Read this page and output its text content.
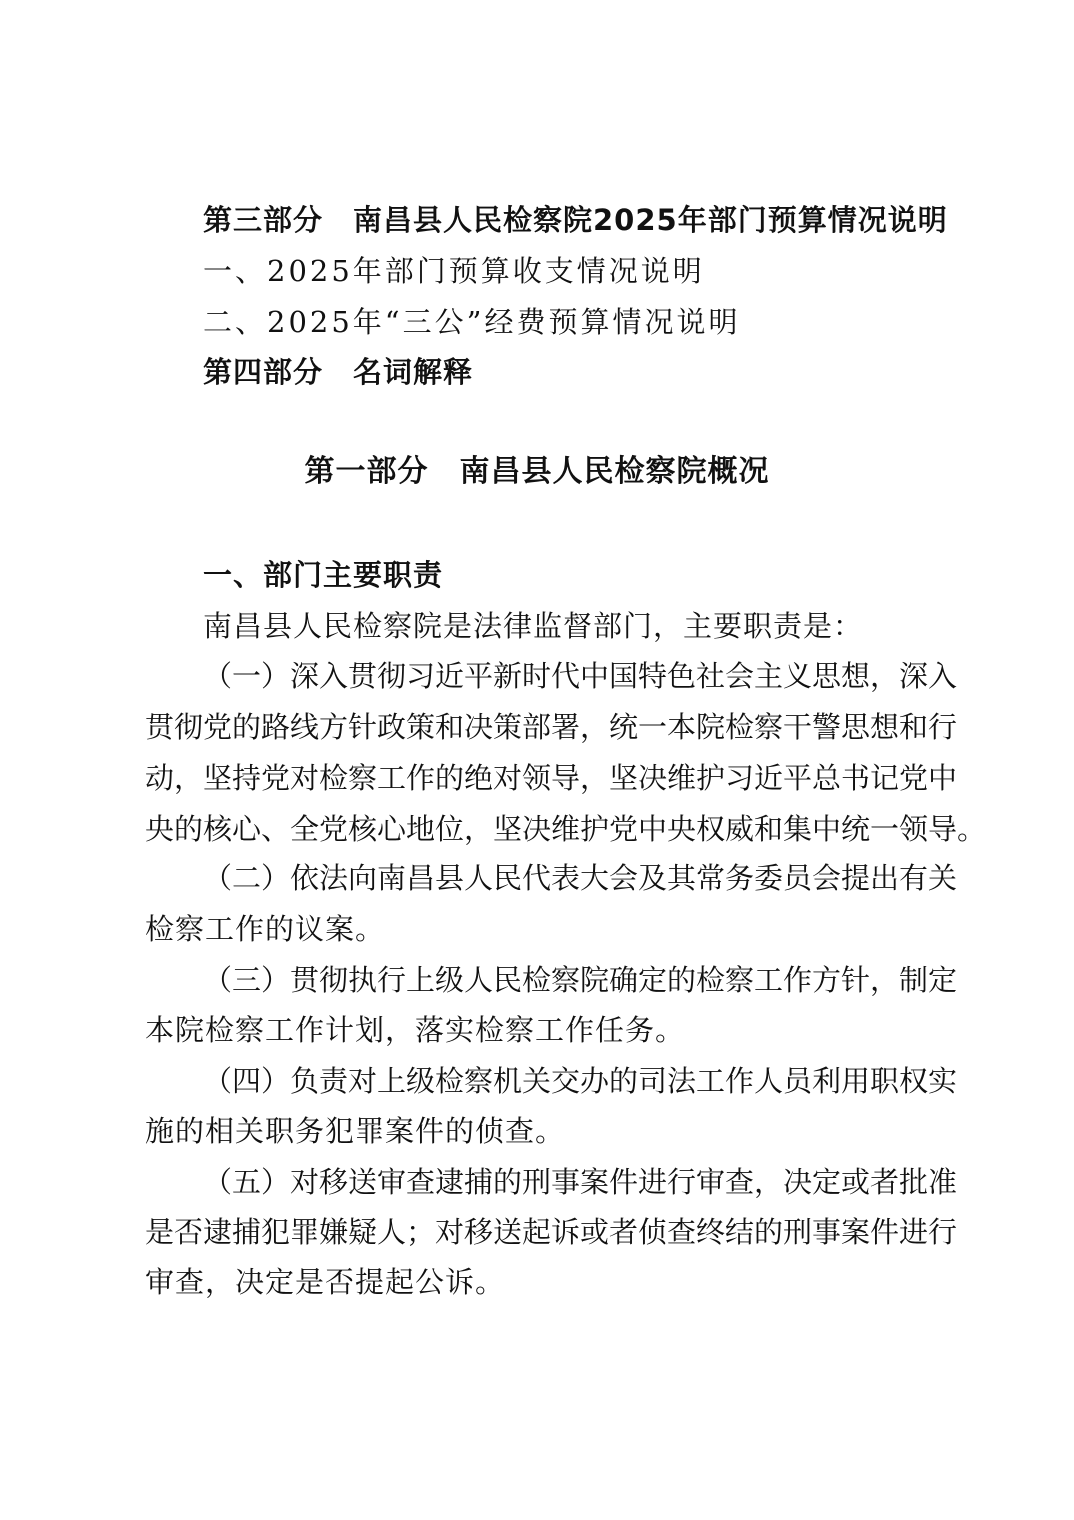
第三部分　南昌县人民检察院2025年部门预算情况说明
一、2025年部门预算收支情况说明
二、2025年“三公”经费预算情况说明
第四部分　名词解释
第一部分　南昌县人民检察院概况
一、部门主要职责
南昌县人民检察院是法律监督部门，主要职责是：
（一）深入贯彻习近平新时代中国特色社会主义思想，深入
贯彻党的路线方针政策和决策部署，统一本院检察干警思想和行
动，坚持党对检察工作的绝对领导，坚决维护习近平总书记党中
央的核心、全党核心地位，坚决维护党中央权威和集中统一领导。
（二）依法向南昌县人民代表大会及其常务委员会提出有关
检察工作的议案。
（三）贯彻执行上级人民检察院确定的检察工作方针，制定
本院检察工作计划，落实检察工作任务。
（四）负责对上级检察机关交办的司法工作人员利用职权实
施的相关职务犯罪案件的侦查。
（五）对移送审查逮捕的刑事案件进行审查，决定或者批准
是否逮捕犯罪嫌疑人；对移送起诉或者侦查终结的刑事案件进行
审查，决定是否提起公诉。
